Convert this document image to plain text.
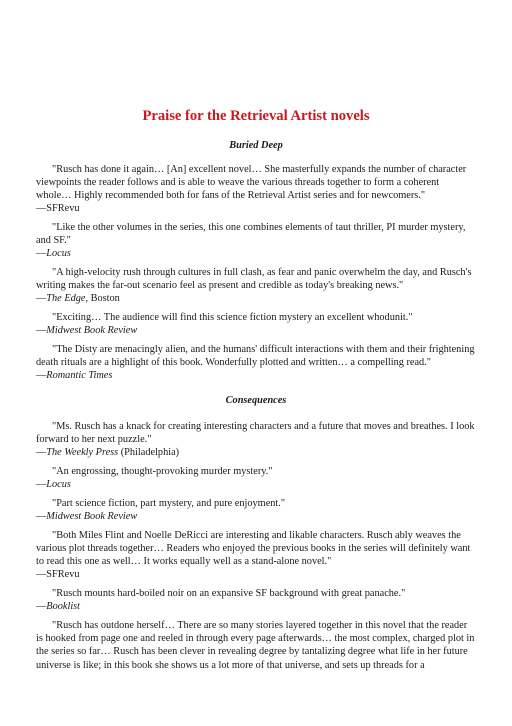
Praise for the Retrieval Artist novels
Buried Deep

"Rusch has done it again… [An] excellent novel… She masterfully expands the number of character viewpoints the reader follows and is able to weave the various threads together to form a coherent whole… Highly recommended both for fans of the Retrieval Artist series and for newcomers."

—SFRevu

"Like the other volumes in the series, this one combines elements of taut thriller, PI murder mystery, and SF."

—Locus

"A high-velocity rush through cultures in full clash, as fear and panic overwhelm the day, and Rusch's writing makes the far-out scenario feel as present and credible as today's breaking news."

—The Edge, Boston

"Exciting… The audience will find this science fiction mystery an excellent whodunit."

—Midwest Book Review

"The Disty are menacingly alien, and the humans' difficult interactions with them and their frightening death rituals are a highlight of this book. Wonderfully plotted and written… a compelling read."

—Romantic Times
Consequences

"Ms. Rusch has a knack for creating interesting characters and a future that moves and breathes. I look forward to her next puzzle."

—The Weekly Press (Philadelphia)

"An engrossing, thought-provoking murder mystery."

—Locus

"Part science fiction, part mystery, and pure enjoyment."

—Midwest Book Review

"Both Miles Flint and Noelle DeRicci are interesting and likable characters. Rusch ably weaves the various plot threads together… Readers who enjoyed the previous books in the series will definitely want to read this one as well… It works equally well as a stand-alone novel."

—SFRevu

"Rusch mounts hard-boiled noir on an expansive SF background with great panache."

—Booklist

"Rusch has outdone herself… There are so many stories layered together in this novel that the reader is hooked from page one and reeled in through every page afterwards… the most complex, charged plot in the series so far… Rusch has been clever in revealing degree by tantalizing degree what life in her future universe is like; in this book she shows us a lot more of that universe, and sets up threads for a
